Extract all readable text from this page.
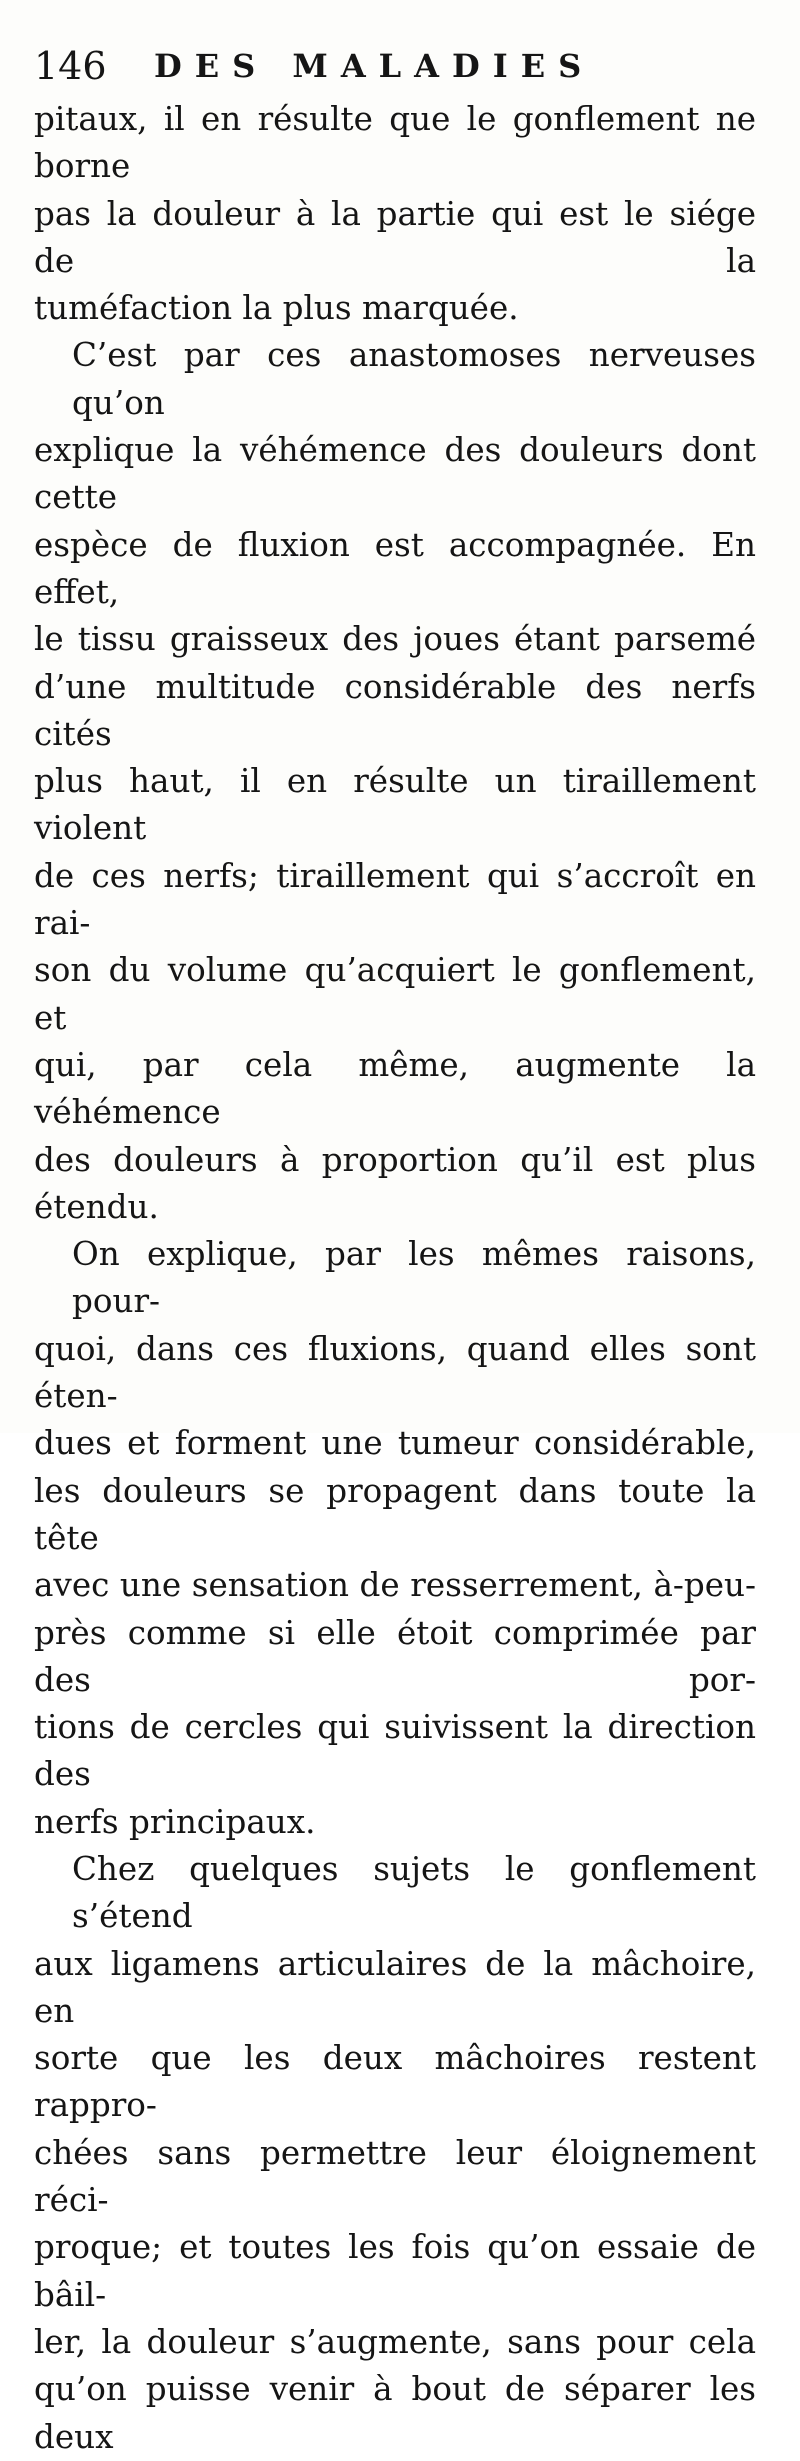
146 DES MALADIES

pitaux, il en résulte que le gonflement ne borne

pas la douleur à la partie qui est le siége de la

tuméfaction la plus marquée.

C’est par ces anastomoses nerveuses qu’on

explique la véhémence des douleurs dont cette

espèce de fluxion est accompagnée. En effet,

le tissu graisseux des joues étant parsemé

d’une multitude considérable des nerfs cités

plus haut, il en résulte un tiraillement violent

de ces nerfs; tiraillement qui s’accroît en rai-

son du volume qu’acquiert le gonflement, et

qui, par cela même, augmente la véhémence

des douleurs à proportion qu’il est plus étendu.

On explique, par les mêmes raisons, pour-

quoi, dans ces fluxions, quand elles sont éten-

dues et forment une tumeur considérable,

les douleurs se propagent dans toute la tête

avec une sensation de resserrement, à-peu-

près comme si elle étoit comprimée par des por-

tions de cercles qui suivissent la direction des

nerfs principaux.

Chez quelques sujets le gonflement s’étend

aux ligamens articulaires de la mâchoire, en

sorte que les deux mâchoires restent rappro-

chées sans permettre leur éloignement réci-

proque; et toutes les fois qu’on essaie de bâil-

ler, la douleur s’augmente, sans pour cela

qu’on puisse venir à bout de séparer les deux
